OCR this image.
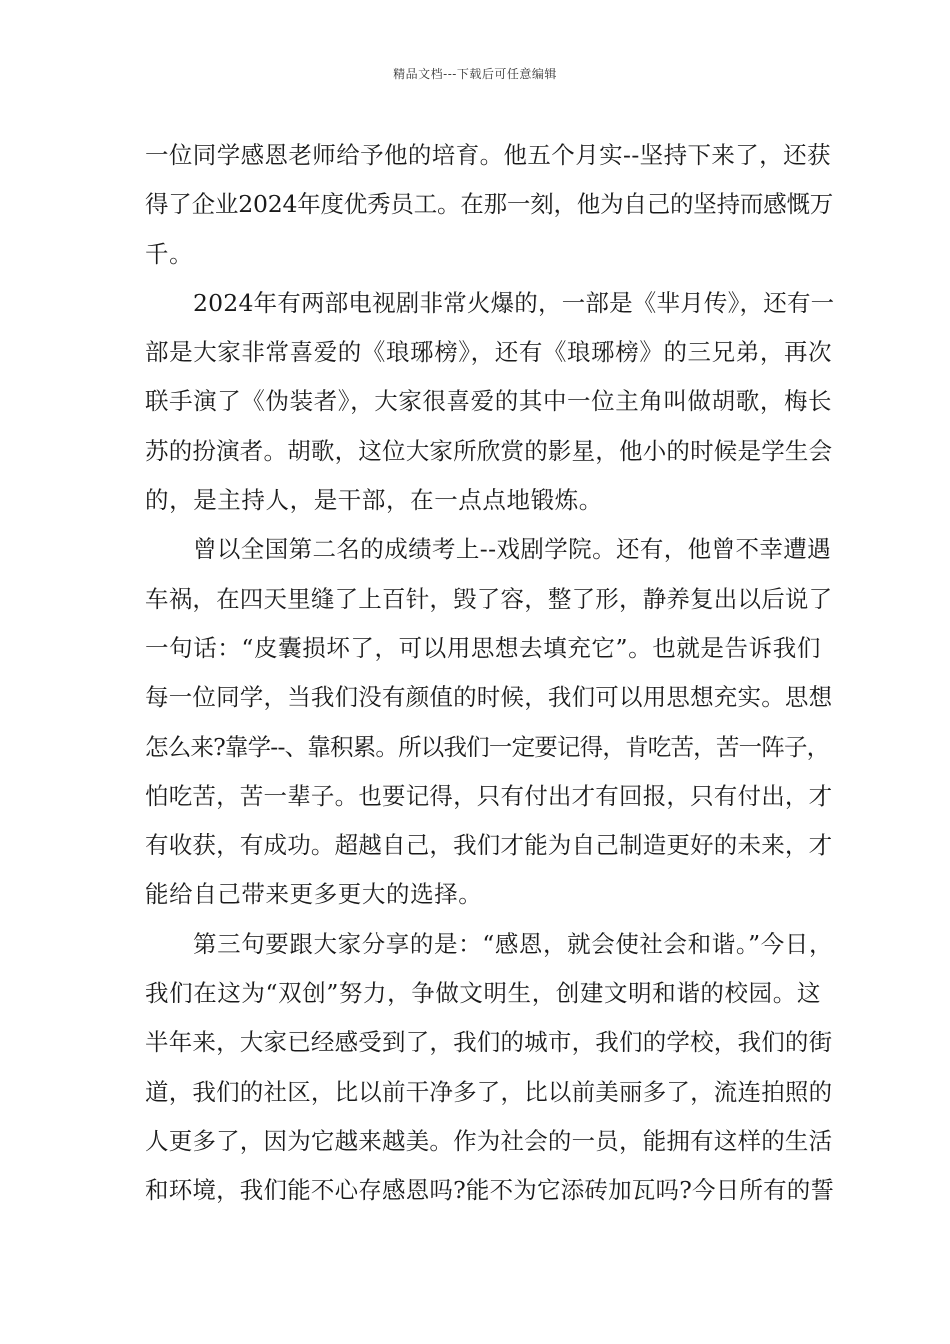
精品文档---下载后可任意编辑
一位同学感恩老师给予他的培育。他五个月实--坚持下来了，还获
得了企业2024年度优秀员工。在那一刻，他为自己的坚持而感慨万
千。
2024年有两部电视剧非常火爆的，一部是《芈月传》，还有一
部是大家非常喜爱的《琅琊榜》，还有《琅琊榜》的三兄弟，再次
联手演了《伪装者》，大家很喜爱的其中一位主角叫做胡歌，梅长
苏的扮演者。胡歌，这位大家所欣赏的影星，他小的时候是学生会
的，是主持人，是干部，在一点点地锻炼。
曾以全国第二名的成绩考上--戏剧学院。还有，他曾不幸遭遇
车祸，在四天里缝了上百针，毁了容，整了形，静养复出以后说了
一句话：“皮囊损坏了，可以用思想去填充它”。也就是告诉我们
每一位同学，当我们没有颜值的时候，我们可以用思想充实。思想
怎么来?靠学--、靠积累。所以我们一定要记得，肯吃苦，苦一阵子，
怕吃苦，苦一辈子。也要记得，只有付出才有回报，只有付出，才
有收获，有成功。超越自己，我们才能为自己制造更好的未来，才
能给自己带来更多更大的选择。
第三句要跟大家分享的是：“感恩，就会使社会和谐。”今日，
我们在这为“双创”努力，争做文明生，创建文明和谐的校园。这
半年来，大家已经感受到了，我们的城市，我们的学校，我们的街
道，我们的社区，比以前干净多了，比以前美丽多了，流连拍照的
人更多了，因为它越来越美。作为社会的一员，能拥有这样的生活
和环境，我们能不心存感恩吗?能不为它添砖加瓦吗?今日所有的誓
